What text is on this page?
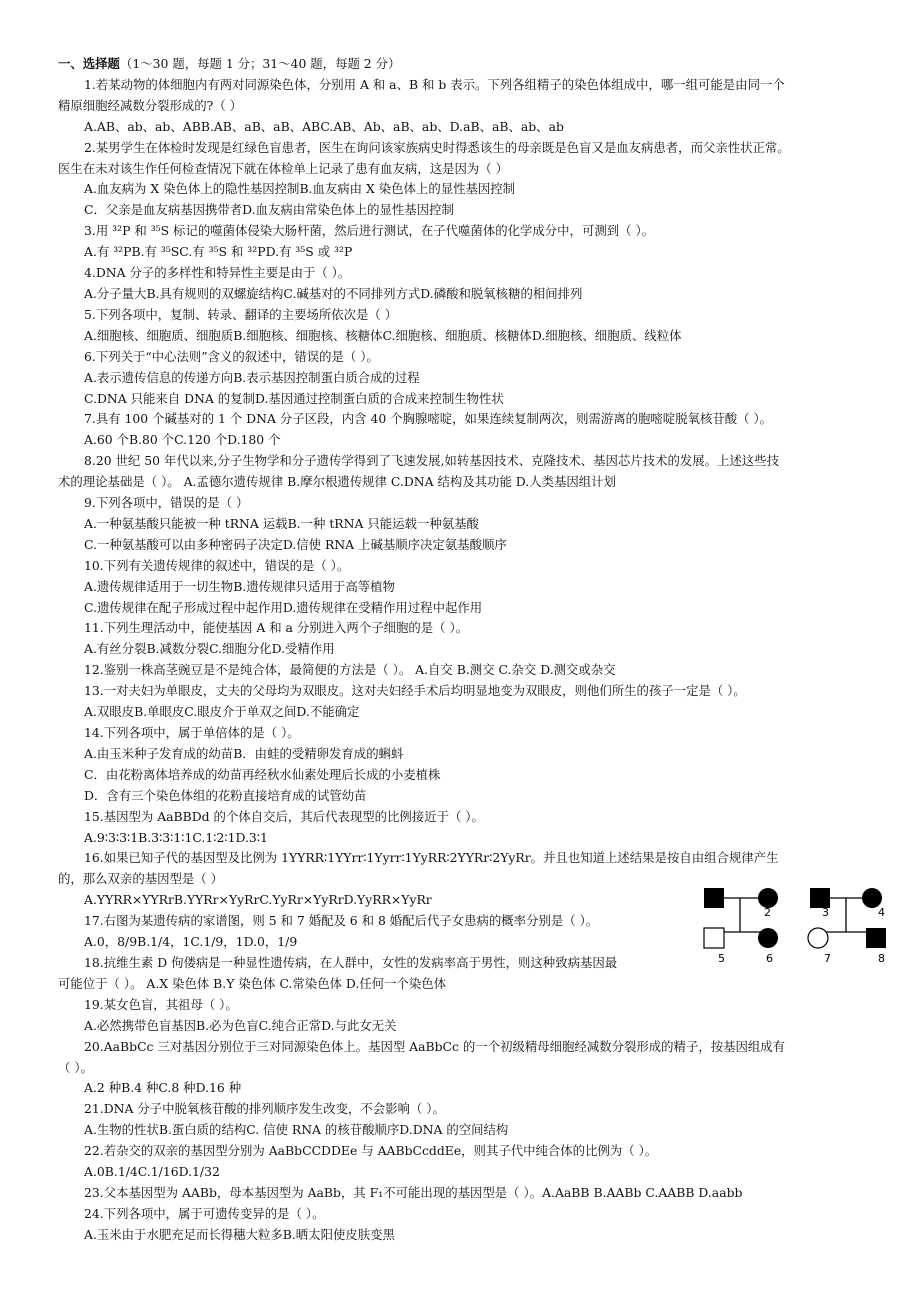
一、选择题（1～30 题，每题 1 分；31～40 题，每题 2 分）
1.若某动物的体细胞内有两对同源染色体，分别用 A 和 a、B 和 b 表示。下列各组精子的染色体组成中，哪一组可能是由同一个
精原细胞经减数分裂形成的?（ ）
A.AB、ab、ab、ABB.AB、aB、aB、ABC.AB、Ab、aB、ab、D.aB、aB、ab、ab
2.某男学生在体检时发现是红绿色盲患者，医生在询问该家族病史时得悉该生的母亲既是色盲又是血友病患者，而父亲性状正常。
医生在未对该生作任何检查情况下就在体检单上记录了患有血友病，这是因为（ ）
A.血友病为 X 染色体上的隐性基因控制B.血友病由 X 染色体上的显性基因控制
C．父亲是血友病基因携带者D.血友病由常染色体上的显性基因控制
3.用 ³²P 和 ³⁵S 标记的噬菌体侵染大肠杆菌，然后进行测试，在子代噬菌体的化学成分中，可测到（ ）。
A.有 ³²PB.有 ³⁵SC.有 ³⁵S 和 ³²PD.有 ³⁵S 或 ³²P
4.DNA 分子的多样性和特异性主要是由于（ ）。
A.分子量大B.具有规则的双螺旋结构C.碱基对的不同排列方式D.磷酸和脱氧核糖的相间排列
5.下列各项中，复制、转录、翻译的主要场所依次是（ ）
A.细胞核、细胞质、细胞质B.细胞核、细胞核、核糖体C.细胞核、细胞质、核糖体D.细胞核、细胞质、线粒体
6.下列关于“中心法则”含义的叙述中，错误的是（ ）。
A.表示遗传信息的传递方向B.表示基因控制蛋白质合成的过程
C.DNA 只能来自 DNA 的复制D.基因通过控制蛋白质的合成来控制生物性状
7.具有 100 个碱基对的 1 个 DNA 分子区段，内含 40 个胸腺嘧啶，如果连续复制两次，则需游离的胞嘧啶脱氧核苷酸（ ）。
A.60 个B.80 个C.120 个D.180 个
8.20 世纪 50 年代以来,分子生物学和分子遗传学得到了飞速发展,如转基因技术、克隆技术、基因芯片技术的发展。上述这些技
术的理论基础是（ ）。 A.孟德尔遗传规律 B.摩尔根遗传规律 C.DNA 结构及其功能 D.人类基因组计划
9.下列各项中，错误的是（ ）
A.一种氨基酸只能被一种 tRNA 运载B.一种 tRNA 只能运载一种氨基酸
C.一种氨基酸可以由多种密码子决定D.信使 RNA 上碱基顺序决定氨基酸顺序
10.下列有关遗传规律的叙述中，错误的是（ ）。
A.遗传规律适用于一切生物B.遗传规律只适用于高等植物
C.遗传规律在配子形成过程中起作用D.遗传规律在受精作用过程中起作用
11.下列生理活动中，能使基因 A 和 a 分别进入两个子细胞的是（ ）。
A.有丝分裂B.减数分裂C.细胞分化D.受精作用
12.鉴别一株高茎豌豆是不是纯合体，最简便的方法是（ ）。 A.自交 B.测交 C.杂交 D.测交或杂交
13.一对夫妇为单眼皮，丈夫的父母均为双眼皮。这对夫妇经手术后均明显地变为双眼皮，则他们所生的孩子一定是（ ）。
A.双眼皮B.单眼皮C.眼皮介于单双之间D.不能确定
14.下列各项中，属于单倍体的是（ ）。
A.由玉米种子发育成的幼苗B．由蛙的受精卵发育成的蝌蚪
C．由花粉离体培养成的幼苗再经秋水仙素处理后长成的小麦植株
D．含有三个染色体组的花粉直接培育成的试管幼苗
15.基因型为 AaBBDd 的个体自交后，其后代表现型的比例接近于（ ）。
A.9∶3∶3∶1B.3∶3∶1∶1C.1∶2∶1D.3∶1
16.如果已知子代的基因型及比例为 1YYRR∶1YYrr∶1Yyrr∶1YyRR∶2YYRr∶2YyRr。并且也知道上述结果是按自由组合规律产生
的，那么双亲的基因型是（ ）
A.YYRR×YYRrB.YYRr×YyRrC.YyRr×YyRrD.YyRR×YyRr
17.右图为某遗传病的家谱图，则 5 和 7 婚配及 6 和 8 婚配后代子女患病的概率分别是（ ）。
A.0，8/9B.1/4，1C.1/9，1D.0，1/9
18.抗维生素 D 佝偻病是一种显性遗传病，在人群中，女性的发病率高于男性，则这种致病基因最
可能位于（ ）。 A.X 染色体 B.Y 染色体 C.常染色体 D.任何一个染色体
19.某女色盲，其祖母（ ）。
A.必然携带色盲基因B.必为色盲C.纯合正常D.与此女无关
20.AaBbCc 三对基因分别位于三对同源染色体上。基因型 AaBbCc 的一个初级精母细胞经减数分裂形成的精子，按基因组成有
（ ）。
A.2 种B.4 种C.8 种D.16 种
21.DNA 分子中脱氧核苷酸的排列顺序发生改变，不会影响（ ）。
A.生物的性状B.蛋白质的结构C. 信使 RNA 的核苷酸顺序D.DNA 的空间结构
22.若杂交的双亲的基因型分别为 AaBbCCDDEe 与 AABbCcddEe，则其子代中纯合体的比例为（ ）。
A.0B.1/4C.1/16D.1/32
23.父本基因型为 AABb，母本基因型为 AaBb，其 F₁不可能出现的基因型是（ ）。A.AaBB B.AABb C.AABB D.aabb
24.下列各项中，属于可遗传变异的是（ ）。
A.玉米由于水肥充足而长得穗大粒多B.晒太阳使皮肤变黑
1	2	3	4
5	6	7	8
